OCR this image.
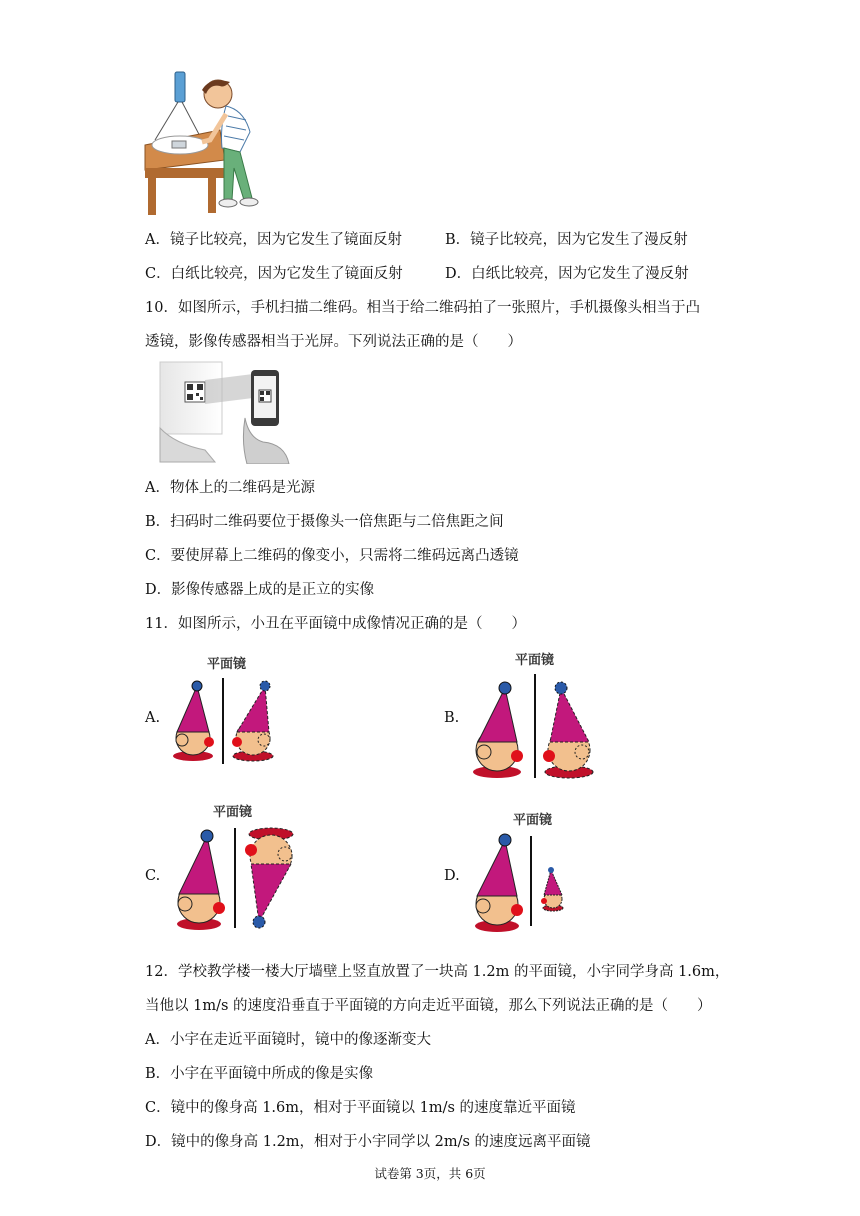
A．镜子比较亮，因为它发生了镜面反射	B．镜子比较亮，因为它发生了漫反射
C．白纸比较亮，因为它发生了镜面反射	D．白纸比较亮，因为它发生了漫反射
10．如图所示，手机扫描二维码。相当于给二维码拍了一张照片，手机摄像头相当于凸
透镜，影像传感器相当于光屏。下列说法正确的是（　　）
A．物体上的二维码是光源
B．扫码时二维码要位于摄像头一倍焦距与二倍焦距之间
C．要使屏幕上二维码的像变小，只需将二维码远离凸透镜
D．影像传感器上成的是正立的实像
11．如图所示，小丑在平面镜中成像情况正确的是（　　）
A.	B.
C.	D.
平面镜	平面镜
平面镜
平面镜
12．学校教学楼一楼大厅墙壁上竖直放置了一块高 1.2m 的平面镜，小宇同学身高 1.6m，
当他以 1m/s 的速度沿垂直于平面镜的方向走近平面镜，那么下列说法正确的是（　　）
A．小宇在走近平面镜时，镜中的像逐渐变大
B．小宇在平面镜中所成的像是实像
C．镜中的像身高 1.6m，相对于平面镜以 1m/s 的速度靠近平面镜
D．镜中的像身高 1.2m，相对于小宇同学以 2m/s 的速度远离平面镜
试卷第 3页，共 6页
